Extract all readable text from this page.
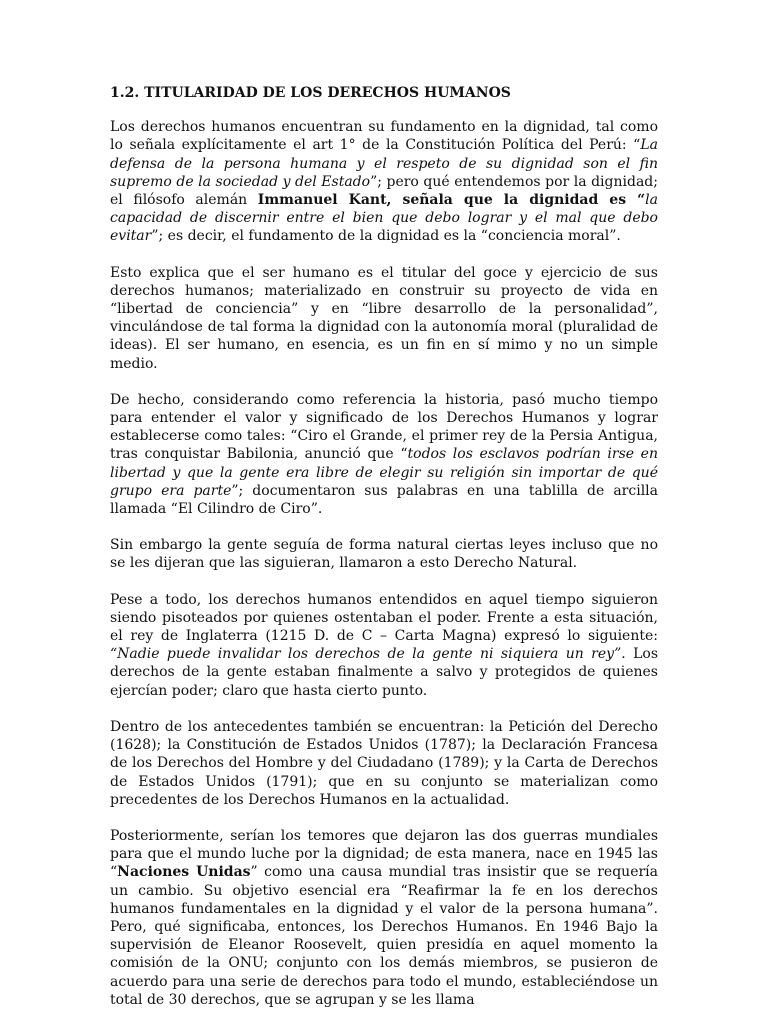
1.2. TITULARIDAD DE LOS DERECHOS HUMANOS

Los derechos humanos encuentran su fundamento en la dignidad, tal como lo señala explícitamente el art 1° de la Constitución Política del Perú: “La defensa de la persona humana y el respeto de su dignidad son el fin supremo de la sociedad y del Estado”; pero qué entendemos por la dignidad; el filósofo alemán Immanuel Kant, señala que la dignidad es “la capacidad de discernir entre el bien que debo lograr y el mal que debo evitar”; es decir, el fundamento de la dignidad es la “conciencia moral”.

Esto explica que el ser humano es el titular del goce y ejercicio de sus derechos humanos; materializado en construir su proyecto de vida en “libertad de conciencia” y en “libre desarrollo de la personalidad”, vinculándose de tal forma la dignidad con la autonomía moral (pluralidad de ideas). El ser humano, en esencia, es un fin en sí mimo y no un simple medio.

De hecho, considerando como referencia la historia, pasó mucho tiempo para entender el valor y significado de los Derechos Humanos y lograr establecerse como tales: “Ciro el Grande, el primer rey de la Persia Antigua, tras conquistar Babilonia, anunció que “todos los esclavos podrían irse en libertad y que la gente era libre de elegir su religión sin importar de qué grupo era parte”; documentaron sus palabras en una tablilla de arcilla llamada “El Cilindro de Ciro”.

Sin embargo la gente seguía de forma natural ciertas leyes incluso que no se les dijeran que las siguieran, llamaron a esto Derecho Natural.

Pese a todo, los derechos humanos entendidos en aquel tiempo siguieron siendo pisoteados por quienes ostentaban el poder. Frente a esta situación, el rey de Inglaterra (1215 D. de C – Carta Magna) expresó lo siguiente: “Nadie puede invalidar los derechos de la gente ni siquiera un rey”. Los derechos de la gente estaban finalmente a salvo y protegidos de quienes ejercían poder; claro que hasta cierto punto.

Dentro de los antecedentes también se encuentran: la Petición del Derecho (1628); la Constitución de Estados Unidos (1787); la Declaración Francesa de los Derechos del Hombre y del Ciudadano (1789); y la Carta de Derechos de Estados Unidos (1791); que en su conjunto se materializan como precedentes de los Derechos Humanos en la actualidad.

Posteriormente, serían los temores que dejaron las dos guerras mundiales para que el mundo luche por la dignidad; de esta manera, nace en 1945 las “Naciones Unidas” como una causa mundial tras insistir que se requería un cambio. Su objetivo esencial era “Reafirmar la fe en los derechos humanos fundamentales en la dignidad y el valor de la persona humana”. Pero, qué significaba, entonces, los Derechos Humanos. En 1946 Bajo la supervisión de Eleanor Roosevelt, quien presidía en aquel momento la comisión de la ONU; conjunto con los demás miembros, se pusieron de acuerdo para una serie de derechos para todo el mundo, estableciéndose un total de 30 derechos, que se agrupan y se les llama
